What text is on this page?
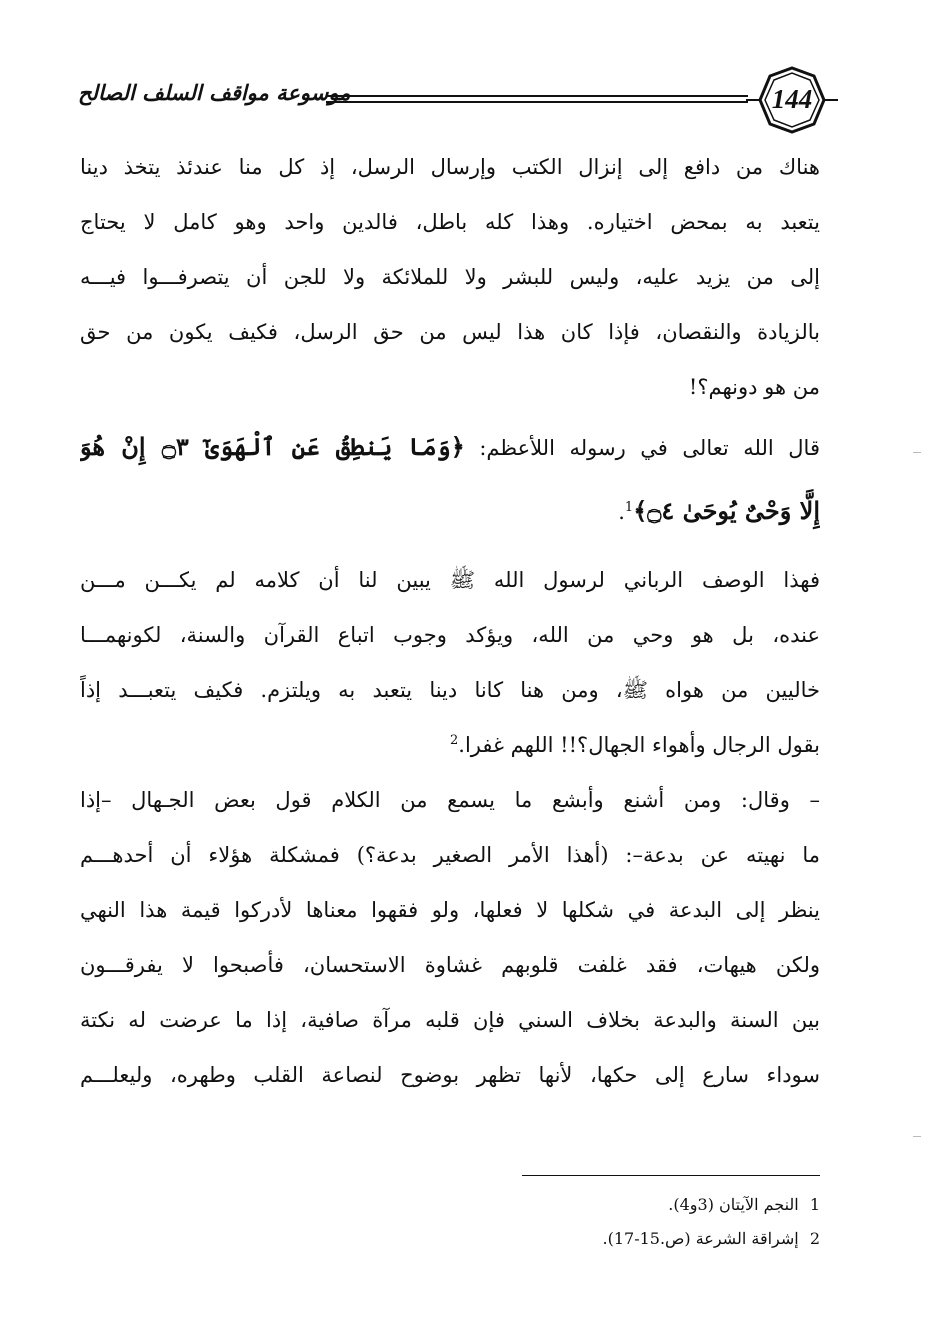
موسوعة مواقف السلف الصالح	144
هناك من دافع إلى إنزال الكتب وإرسال الرسل، إذ كل منا عندئذ يتخذ دينا
يتعبد به بمحض اختياره. وهذا كله باطل، فالدين واحد وهو كامل لا يحتاج
إلى من يزيد عليه، وليس للبشر ولا للملائكة ولا للجن أن يتصرفـــوا فيـــه
بالزيادة والنقصان، فإذا كان هذا ليس من حق الرسل، فكيف يكون من حق
من هو دونهم؟!
قال الله تعالى في رسوله اللأعظم: ﴿وَمَا يَنطِقُ عَنِ ٱلْهَوَىٰٓ ۝٣ إِنْ هُوَ
إِلَّا وَحْىٌ يُوحَىٰ ۝٤﴾$^1$.
فهذا الوصف الرباني لرسول الله ﷺ يبين لنا أن كلامه لم يكـــن مـــن
عنده، بل هو وحي من الله، ويؤكد وجوب اتباع القرآن والسنة، لكونهمـــا
خاليين من هواه ﷺ، ومن هنا كانا دينا يتعبد به ويلتزم. فكيف يتعبـــد إذاً
بقول الرجال وأهواء الجهال؟!! اللهم غفرا.$^2$
– وقال: ومن أشنع وأبشع ما يسمع من الكلام قول بعض الجـهال –إذا
ما نهيته عن بدعة–: (أهذا الأمر الصغير بدعة؟) فمشكلة هؤلاء أن أحدهـــم
ينظر إلى البدعة في شكلها لا فعلها، ولو فقهوا معناها لأدركوا قيمة هذا النهي
ولكن هيهات، فقد غلفت قلوبهم غشاوة الاستحسان، فأصبحوا لا يفرقـــون
بين السنة والبدعة بخلاف السني فإن قلبه مرآة صافية، إذا ما عرضت له نكتة
سوداء سارع إلى حكها، لأنها تظهر بوضوح لنصاعة القلب وطهره، وليعلـــم
1 النجم الآيتان (3و4).
2 إشراقة الشرعة (ص.15-17).
